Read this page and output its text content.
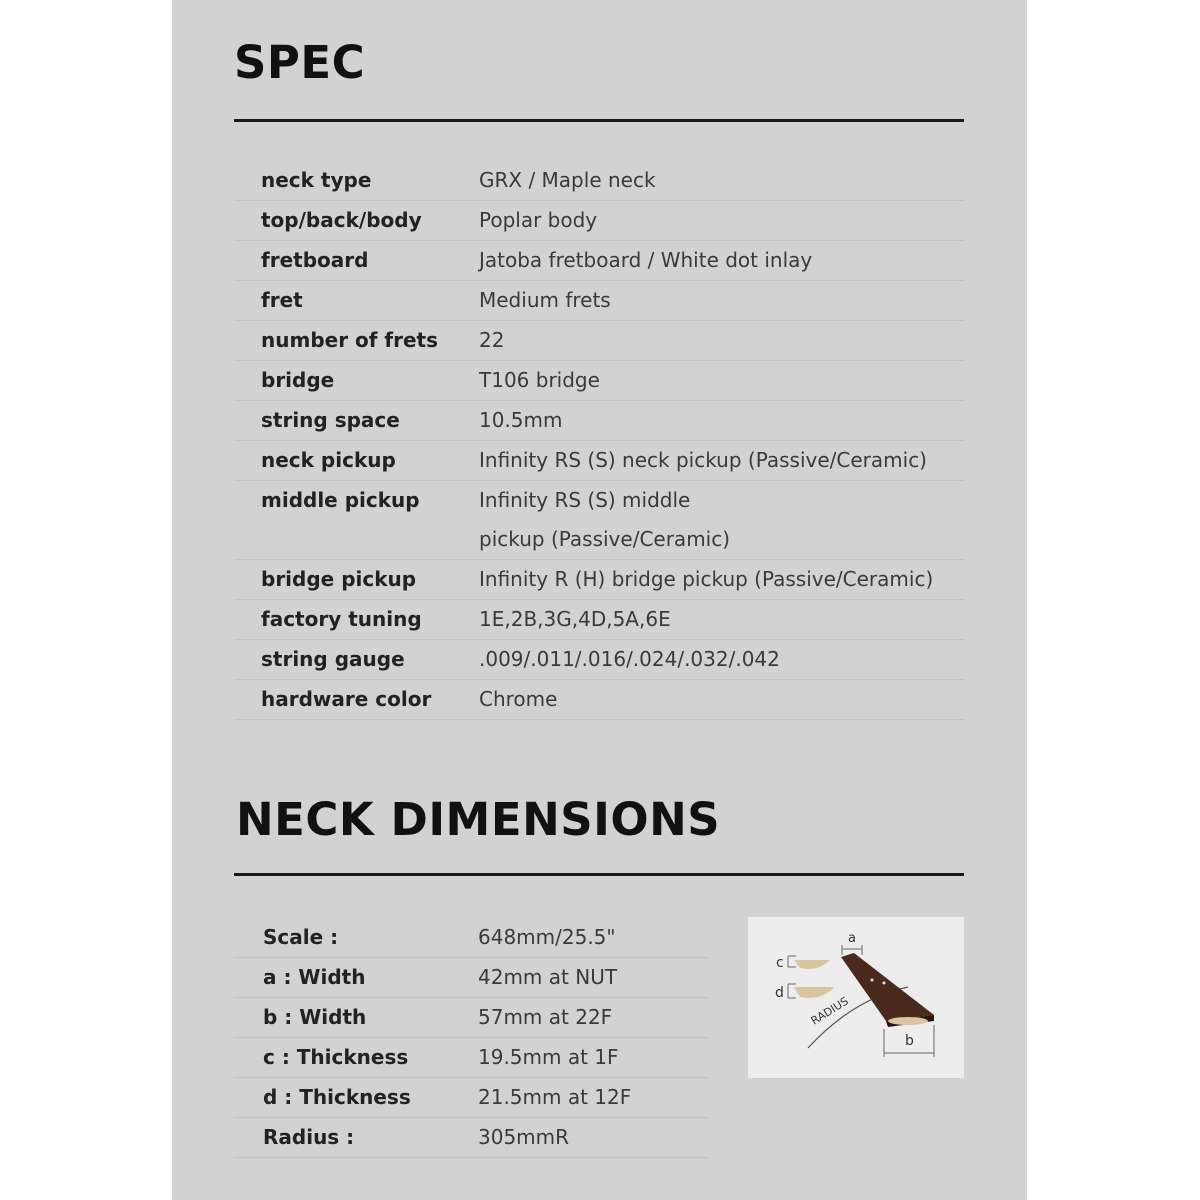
SPEC
neck type	GRX / Maple neck
top/back/body	Poplar body
fretboard	Jatoba fretboard / White dot inlay
fret	Medium frets
number of frets	22
bridge	T106 bridge
string space	10.5mm
neck pickup	Infinity RS (S) neck pickup (Passive/Ceramic)
middle pickup	Infinity RS (S) middle
pickup (Passive/Ceramic)
bridge pickup	Infinity R (H) bridge pickup (Passive/Ceramic)
factory tuning	1E,2B,3G,4D,5A,6E
string gauge	.009/.011/.016/.024/.032/.042
hardware color	Chrome
NECK DIMENSIONS
Scale :	648mm/25.5"
a : Width	42mm at NUT
b : Width	57mm at 22F
c : Thickness	19.5mm at 1F
d : Thickness	21.5mm at 12F
Radius :	305mmR
RADIUS
a
c
d
b
